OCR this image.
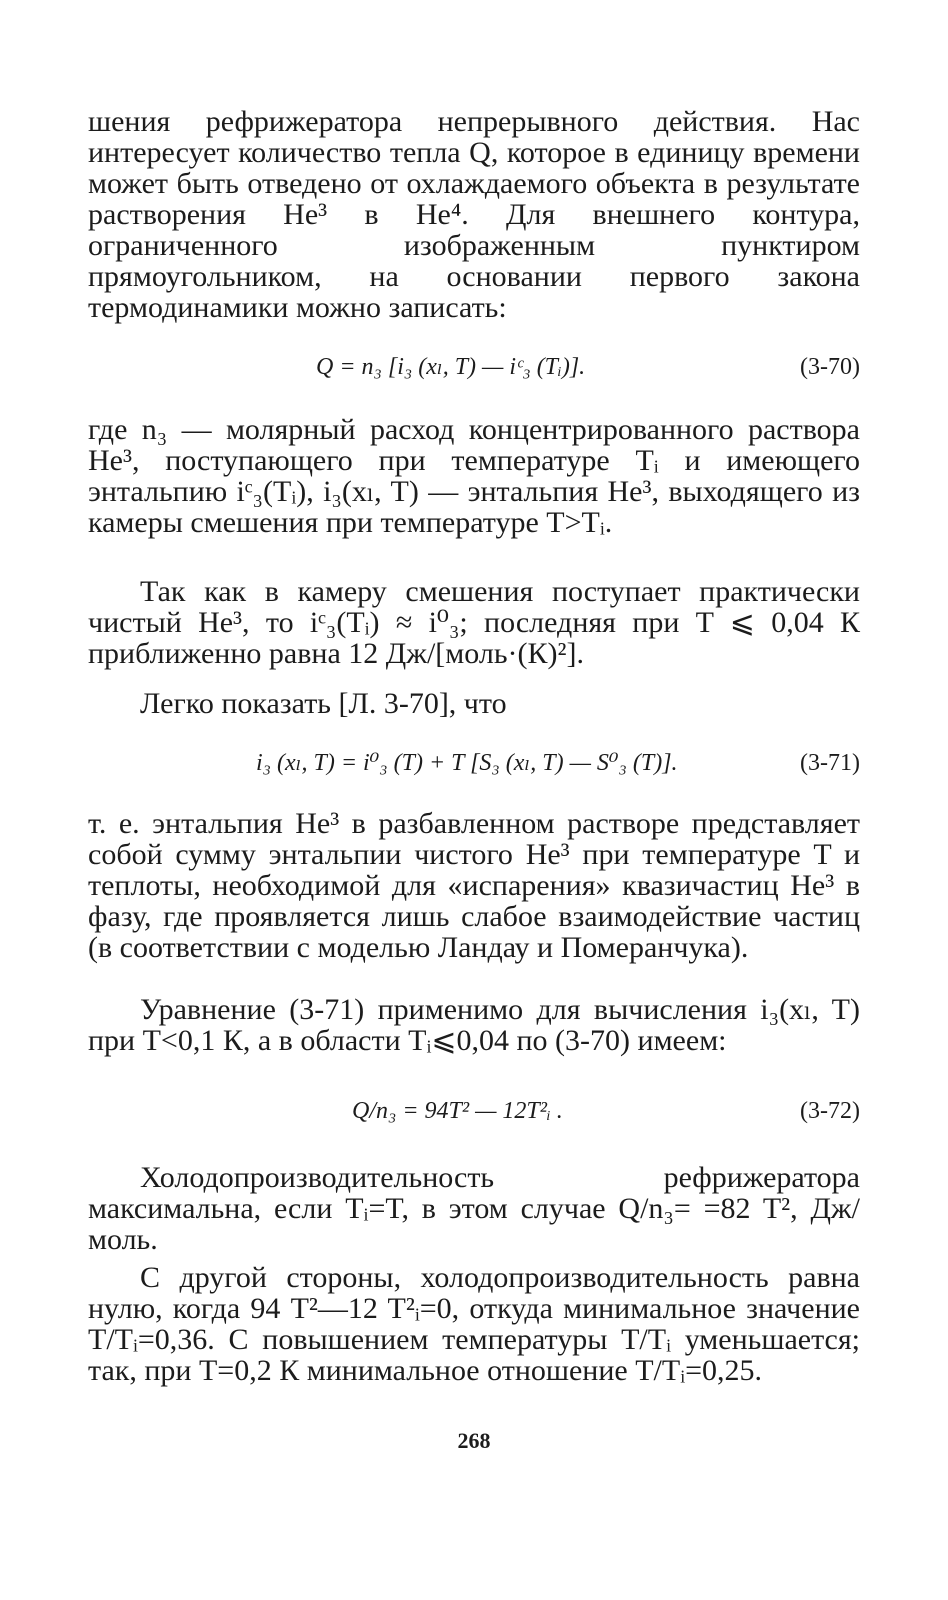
шения рефрижератора непрерывного действия. Нас интересует количество тепла Q, которое в единицу времени может быть отведено от охлаждаемого объекта в результате растворения He³ в He⁴. Для внешнего контура, ограниченного изображенным пунктиром прямоугольником, на основании первого закона термодинамики можно записать:

Q = n₃ [i₃ (xₗ, T) — iᶜ₃ (Tᵢ)].	(3-70)

где n₃ — молярный расход концентрированного раствора He³, поступающего при температуре Tᵢ и имеющего энтальпию iᶜ₃(Tᵢ), i₃(xₗ, T) — энтальпия He³, выходящего из камеры смешения при температуре T>Tᵢ.

Так как в камеру смешения поступает практически чистый He³, то iᶜ₃(Tᵢ) ≈ i⁰₃; последняя при T ⩽ 0,04 К приближенно равна 12 Дж/[моль·(К)²].

Легко показать [Л. 3-70], что

i₃ (xₗ, T) = i⁰₃ (T) + T [S₃ (xₗ, T) — S⁰₃ (T)].	(3-71)

т. е. энтальпия He³ в разбавленном растворе представляет собой сумму энтальпии чистого He³ при температуре T и теплоты, необходимой для «испарения» квазичастиц He³ в фазу, где проявляется лишь слабое взаимодействие частиц (в соответствии с моделью Ландау и Померанчука).

Уравнение (3-71) применимо для вычисления i₃(xₗ, T) при T<0,1 К, а в области Tᵢ⩽0,04 по (3-70) имеем:

Q/n₃ = 94T² — 12T²ᵢ .	(3-72)

Холодопроизводительность рефрижератора максимальна, если Tᵢ=T, в этом случае Q/n₃= =82 T², Дж/моль.

С другой стороны, холодопроизводительность равна нулю, когда 94 T²—12 T²ᵢ=0, откуда минимальное значение T/Tᵢ=0,36. С повышением температуры T/Tᵢ уменьшается; так, при T=0,2 К минимальное отношение T/Tᵢ=0,25.

268
